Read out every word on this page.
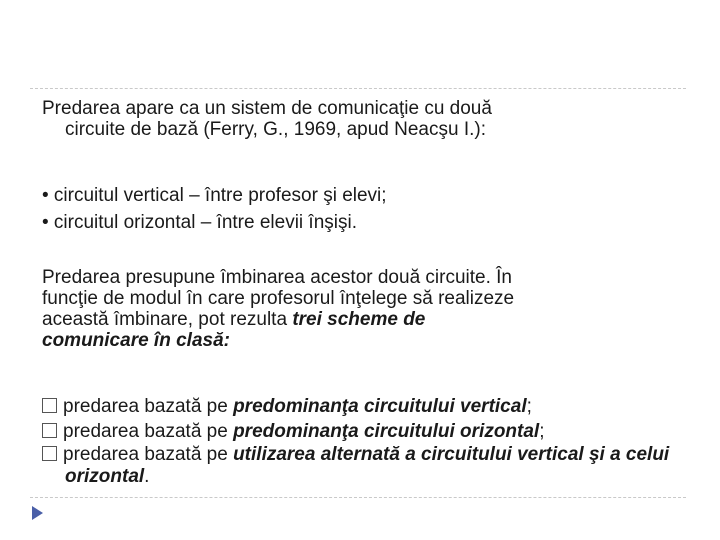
Predarea apare ca un sistem de comunicaţie cu două
circuite de bază (Ferry, G., 1969, apud Neacşu I.):

• circuitul vertical – între profesor şi elevi;
• circuitul orizontal – între elevii înşişi.

Predarea presupune îmbinarea acestor două circuite. În
funcţie de modul în care profesorul înţelege să realizeze
această îmbinare, pot rezulta trei scheme de
comunicare în clasă:

predarea bazată pe predominanţa circuitului vertical;
predarea bazată pe predominanţa circuitului orizontal;
predarea bazată pe utilizarea alternată a circuitului vertical şi a celui orizontal.
